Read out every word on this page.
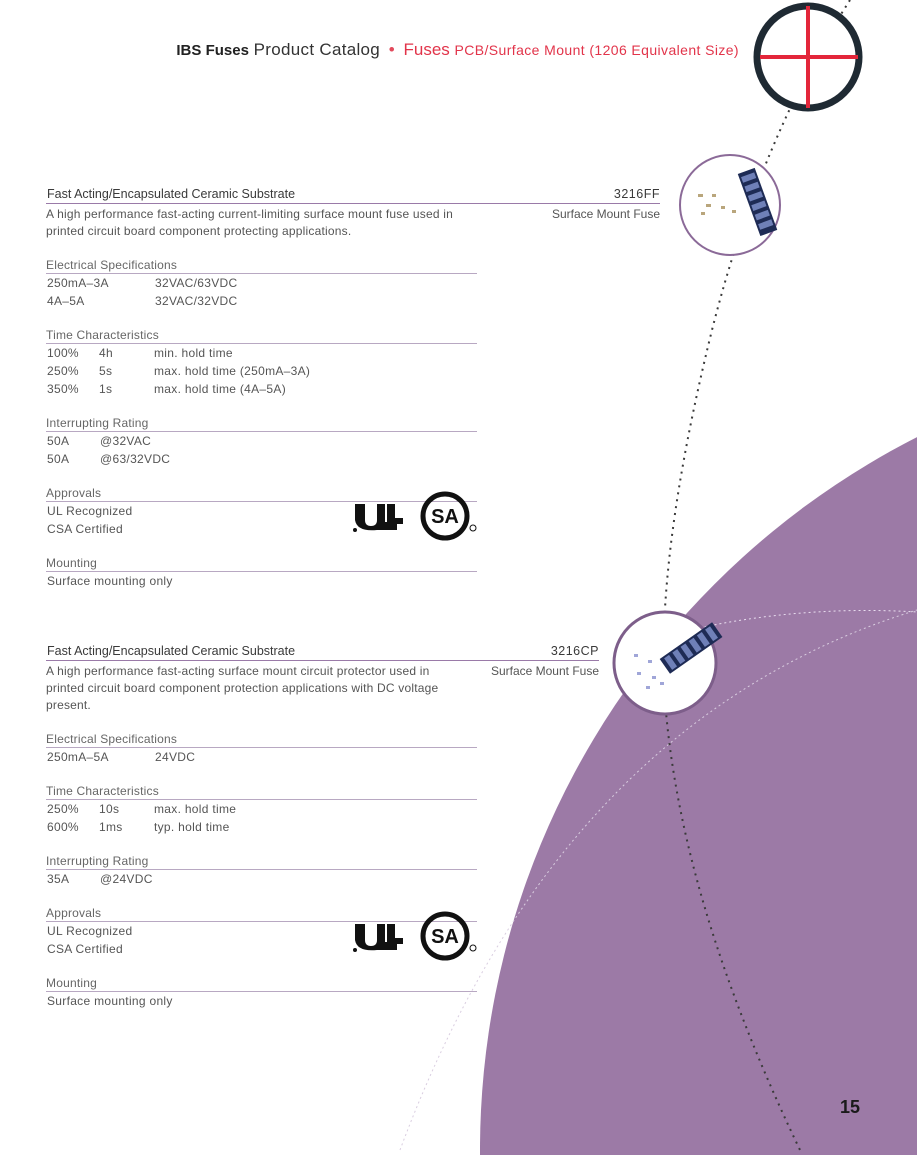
IBS Fuses Product Catalog • Fuses PCB/Surface Mount (1206 Equivalent Size)
Fast Acting/Encapsulated Ceramic Substrate	3216FF
Surface Mount Fuse
A high performance fast-acting current-limiting surface mount fuse used in printed circuit board component protecting applications.
Electrical Specifications
250mA–3A	32VAC/63VDC
4A–5A	32VAC/32VDC
Time Characteristics
100% 4h	min. hold time
250% 5s	max. hold time (250mA–3A)
350% 1s	max. hold time (4A–5A)
Interrupting Rating
50A	@32VAC
50A	@63/32VDC
Approvals
UL Recognized
CSA Certified
SA
Mounting
Surface mounting only
Fast Acting/Encapsulated Ceramic Substrate	3216CP
Surface Mount Fuse
A high performance fast-acting surface mount circuit protector used in printed circuit board component protection applications with DC voltage present.
Electrical Specifications
250mA–5A	24VDC
Time Characteristics
250% 10s	max. hold time
600% 1ms	typ. hold time
Interrupting Rating
35A	@24VDC
Approvals
UL Recognized
CSA Certified
SA
Mounting
Surface mounting only
15
